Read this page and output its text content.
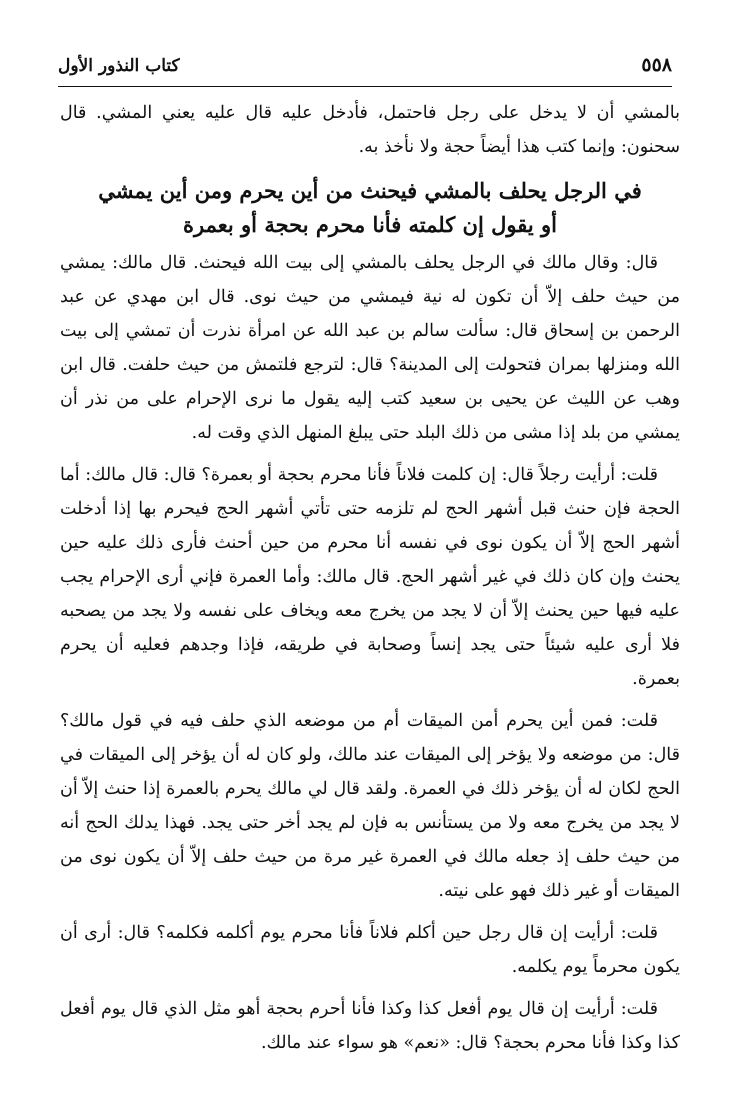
كتاب النذور الأول	٥٥٨

بالمشي أن لا يدخل على رجل فاحتمل، فأدخل عليه قال عليه يعني المشي. قال سحنون: وإنما كتب هذا أيضاً حجة ولا نأخذ به.

في الرجل يحلف بالمشي فيحنث من أين يحرم ومن أين يمشي
أو يقول إن كلمته فأنا محرم بحجة أو بعمرة

قال: وقال مالك في الرجل يحلف بالمشي إلى بيت الله فيحنث. قال مالك: يمشي من حيث حلف إلاّ أن تكون له نية فيمشي من حيث نوى. قال ابن مهدي عن عبد الرحمن بن إسحاق قال: سألت سالم بن عبد الله عن امرأة نذرت أن تمشي إلى بيت الله ومنزلها بمران فتحولت إلى المدينة؟ قال: لترجع فلتمش من حيث حلفت. قال ابن وهب عن الليث عن يحيى بن سعيد كتب إليه يقول ما نرى الإحرام على من نذر أن يمشي من بلد إذا مشى من ذلك البلد حتى يبلغ المنهل الذي وقت له.

قلت: أرأيت رجلاً قال: إن كلمت فلاناً فأنا محرم بحجة أو بعمرة؟ قال: قال مالك: أما الحجة فإن حنث قبل أشهر الحج لم تلزمه حتى تأتي أشهر الحج فيحرم بها إذا أدخلت أشهر الحج إلاّ أن يكون نوى في نفسه أنا محرم من حين أحنث فأرى ذلك عليه حين يحنث وإن كان ذلك في غير أشهر الحج. قال مالك: وأما العمرة فإني أرى الإحرام يجب عليه فيها حين يحنث إلاّ أن لا يجد من يخرج معه ويخاف على نفسه ولا يجد من يصحبه فلا أرى عليه شيئاً حتى يجد إنساً وصحابة في طريقه، فإذا وجدهم فعليه أن يحرم بعمرة.

قلت: فمن أين يحرم أمن الميقات أم من موضعه الذي حلف فيه في قول مالك؟ قال: من موضعه ولا يؤخر إلى الميقات عند مالك، ولو كان له أن يؤخر إلى الميقات في الحج لكان له أن يؤخر ذلك في العمرة. ولقد قال لي مالك يحرم بالعمرة إذا حنث إلاّ أن لا يجد من يخرج معه ولا من يستأنس به فإن لم يجد أخر حتى يجد. فهذا يدلك الحج أنه من حيث حلف إذ جعله مالك في العمرة غير مرة من حيث حلف إلاّ أن يكون نوى من الميقات أو غير ذلك فهو على نيته.

قلت: أرأيت إن قال رجل حين أكلم فلاناً فأنا محرم يوم أكلمه فكلمه؟ قال: أرى أن يكون محرماً يوم يكلمه.

قلت: أرأيت إن قال يوم أفعل كذا وكذا فأنا أحرم بحجة أهو مثل الذي قال يوم أفعل كذا وكذا فأنا محرم بحجة؟ قال: «نعم» هو سواء عند مالك.
